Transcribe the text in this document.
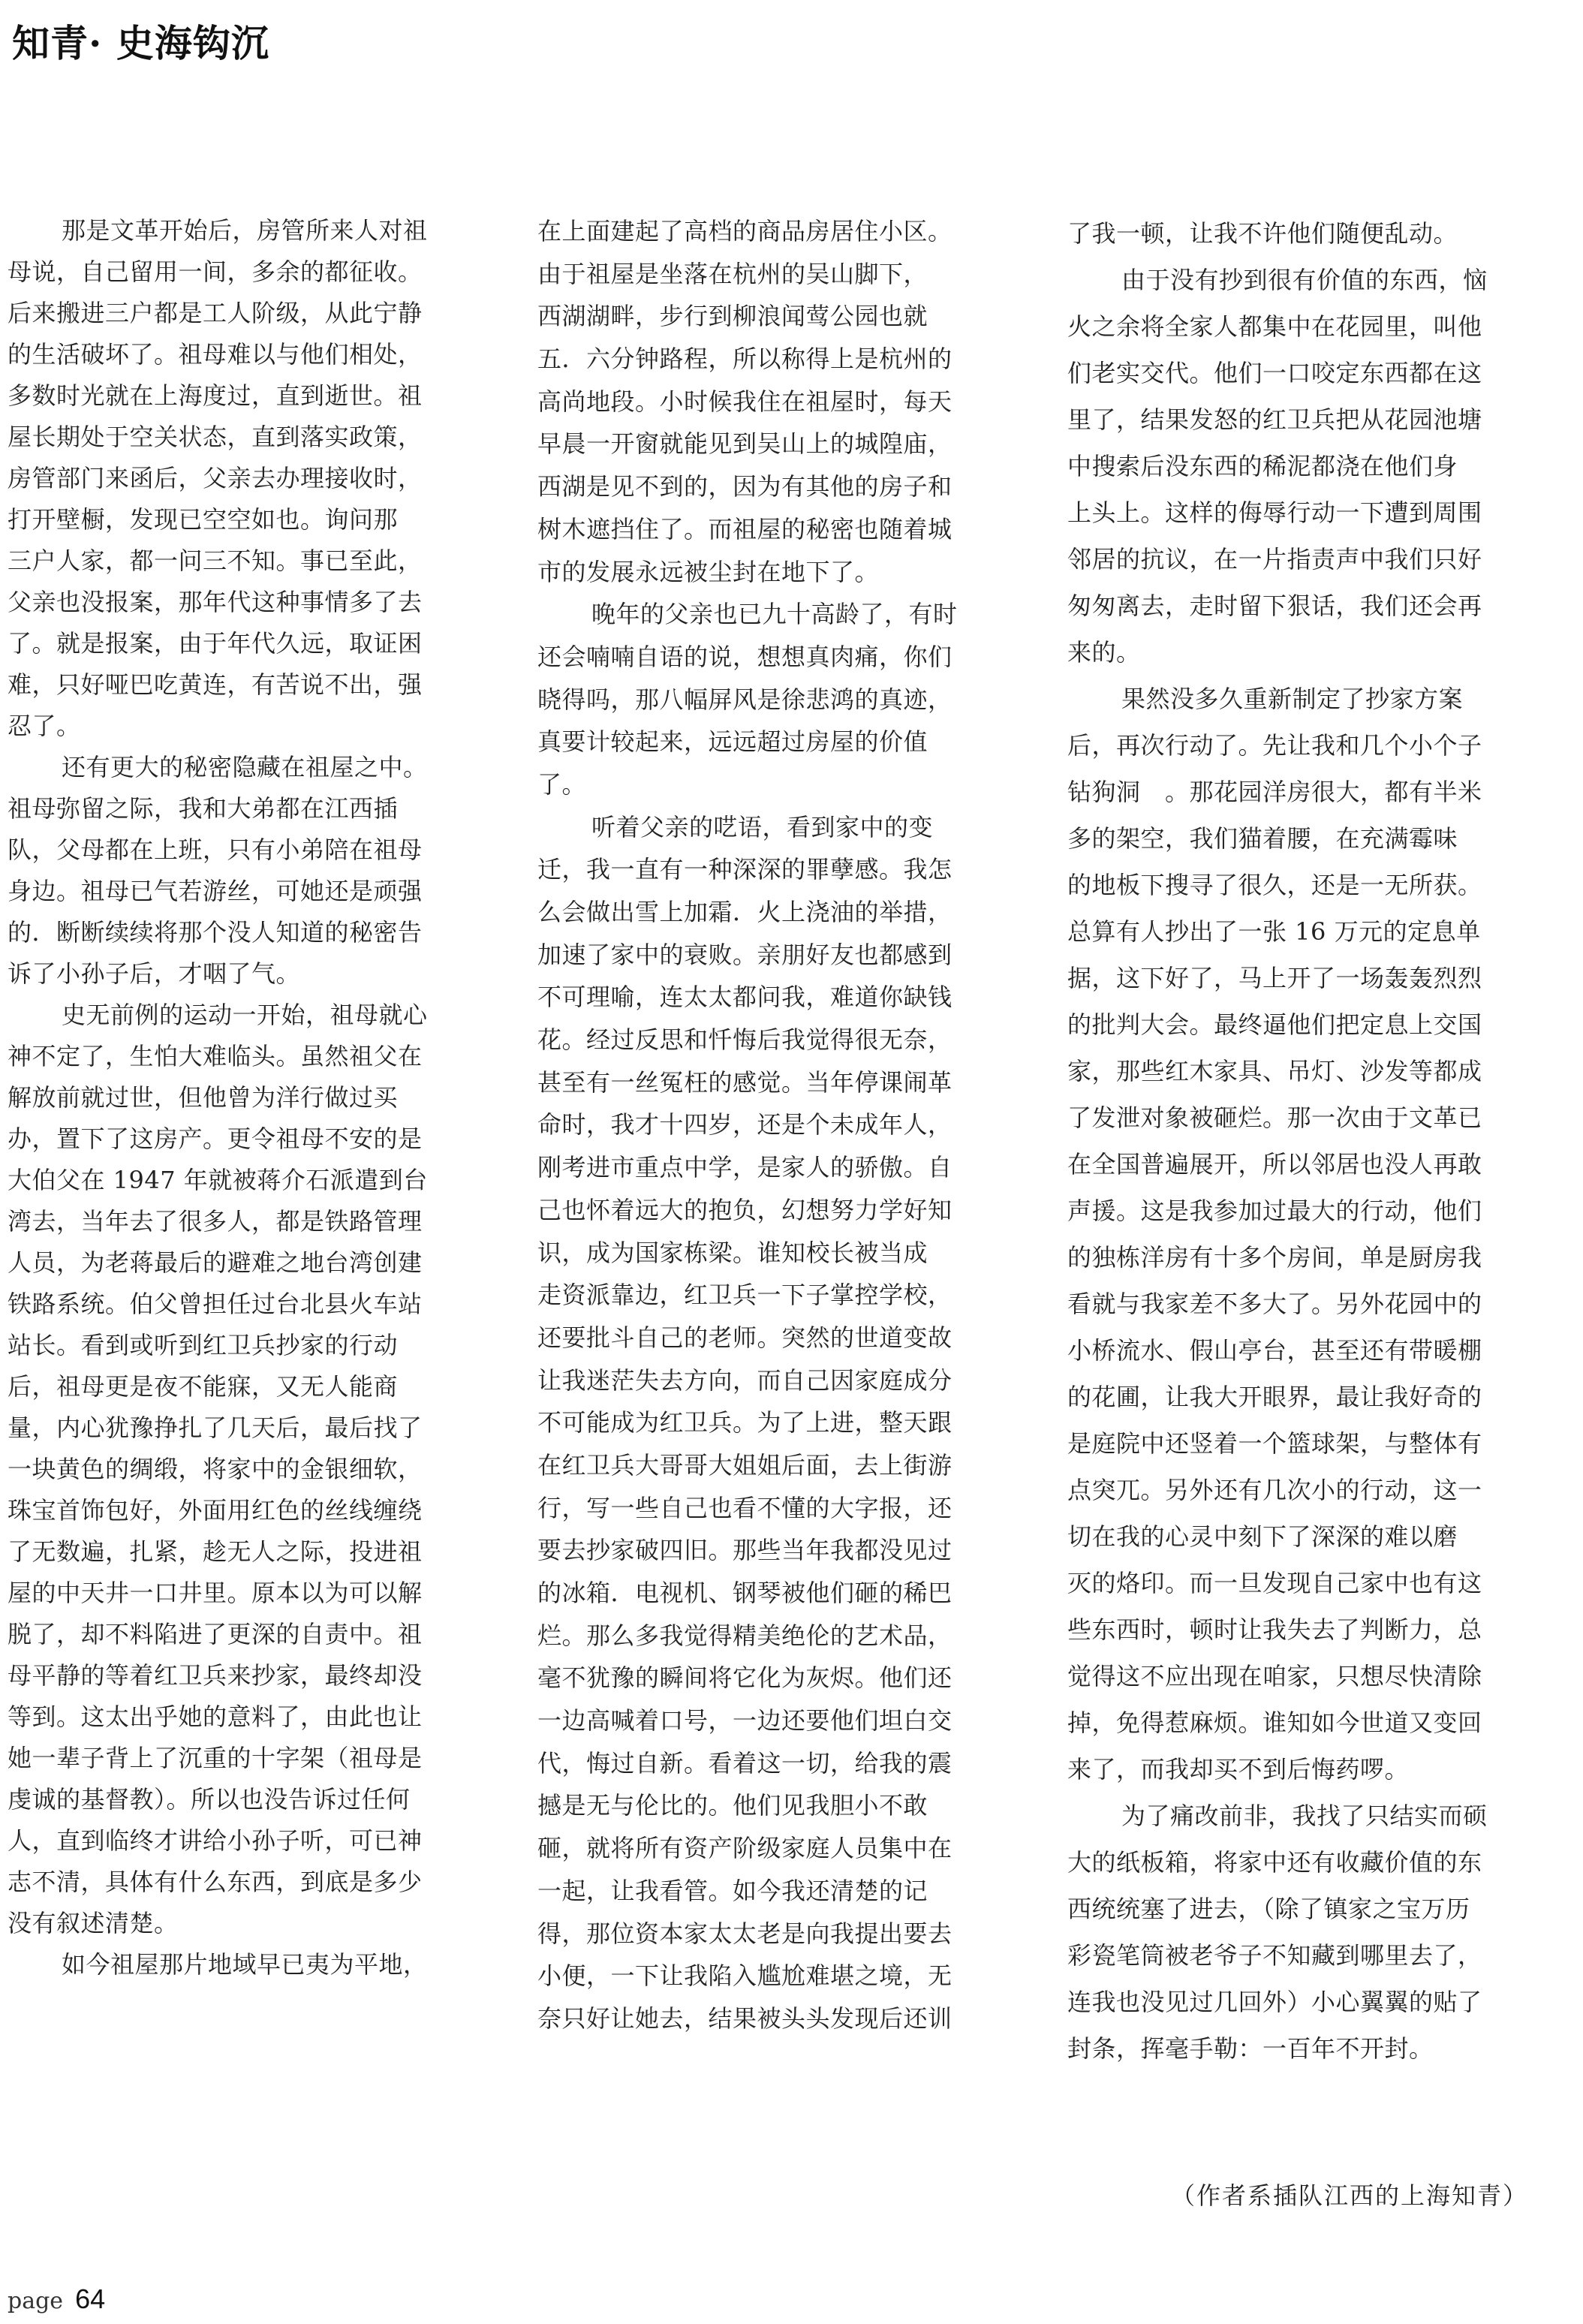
知青· 史海钩沉
那是文革开始后，房管所来人对祖
母说，自己留用一间，多余的都征收。
后来搬进三户都是工人阶级，从此宁静
的生活破坏了。祖母难以与他们相处，
多数时光就在上海度过，直到逝世。祖
屋长期处于空关状态，直到落实政策，
房管部门来函后，父亲去办理接收时，
打开壁橱，发现已空空如也。询问那
三户人家，都一问三不知。事已至此，
父亲也没报案，那年代这种事情多了去
了。就是报案，由于年代久远，取证困
难，只好哑巴吃黄连，有苦说不出，强
忍了。
还有更大的秘密隐藏在祖屋之中。
祖母弥留之际，我和大弟都在江西插
队，父母都在上班，只有小弟陪在祖母
身边。祖母已气若游丝，可她还是顽强
的．断断续续将那个没人知道的秘密告
诉了小孙子后，才咽了气。
史无前例的运动一开始，祖母就心
神不定了，生怕大难临头。虽然祖父在
解放前就过世，但他曾为洋行做过买
办，置下了这房产。更令祖母不安的是
大伯父在 1947 年就被蒋介石派遣到台
湾去，当年去了很多人，都是铁路管理
人员，为老蒋最后的避难之地台湾创建
铁路系统。伯父曾担任过台北县火车站
站长。看到或听到红卫兵抄家的行动
后，祖母更是夜不能寐，又无人能商
量，内心犹豫挣扎了几天后，最后找了
一块黄色的绸缎，将家中的金银细软，
珠宝首饰包好，外面用红色的丝线缠绕
了无数遍，扎紧，趁无人之际，投进祖
屋的中天井一口井里。原本以为可以解
脱了，却不料陷进了更深的自责中。祖
母平静的等着红卫兵来抄家，最终却没
等到。这太出乎她的意料了，由此也让
她一辈子背上了沉重的十字架（祖母是
虔诚的基督教）。所以也没告诉过任何
人，直到临终才讲给小孙子听，可已神
志不清，具体有什么东西，到底是多少
没有叙述清楚。
如今祖屋那片地域早已夷为平地，
在上面建起了高档的商品房居住小区。
由于祖屋是坐落在杭州的吴山脚下，
西湖湖畔，步行到柳浪闻莺公园也就
五．六分钟路程，所以称得上是杭州的
高尚地段。小时候我住在祖屋时，每天
早晨一开窗就能见到吴山上的城隍庙，
西湖是见不到的，因为有其他的房子和
树木遮挡住了。而祖屋的秘密也随着城
市的发展永远被尘封在地下了。
晚年的父亲也已九十高龄了，有时
还会喃喃自语的说，想想真肉痛，你们
晓得吗，那八幅屏风是徐悲鸿的真迹，
真要计较起来，远远超过房屋的价值
了。
听着父亲的呓语，看到家中的变
迁，我一直有一种深深的罪孽感。我怎
么会做出雪上加霜．火上浇油的举措，
加速了家中的衰败。亲朋好友也都感到
不可理喻，连太太都问我，难道你缺钱
花。经过反思和忏悔后我觉得很无奈，
甚至有一丝冤枉的感觉。当年停课闹革
命时，我才十四岁，还是个未成年人，
刚考进市重点中学，是家人的骄傲。自
己也怀着远大的抱负，幻想努力学好知
识，成为国家栋梁。谁知校长被当成
走资派靠边，红卫兵一下子掌控学校，
还要批斗自己的老师。突然的世道变故
让我迷茫失去方向，而自己因家庭成分
不可能成为红卫兵。为了上进，整天跟
在红卫兵大哥哥大姐姐后面，去上街游
行，写一些自己也看不懂的大字报，还
要去抄家破四旧。那些当年我都没见过
的冰箱．电视机、钢琴被他们砸的稀巴
烂。那么多我觉得精美绝伦的艺术品，
毫不犹豫的瞬间将它化为灰烬。他们还
一边高喊着口号，一边还要他们坦白交
代，悔过自新。看着这一切，给我的震
撼是无与伦比的。他们见我胆小不敢
砸，就将所有资产阶级家庭人员集中在
一起，让我看管。如今我还清楚的记
得，那位资本家太太老是向我提出要去
小便，一下让我陷入尴尬难堪之境，无
奈只好让她去，结果被头头发现后还训
了我一顿，让我不许他们随便乱动。
由于没有抄到很有价值的东西，恼
火之余将全家人都集中在花园里，叫他
们老实交代。他们一口咬定东西都在这
里了，结果发怒的红卫兵把从花园池塘
中搜索后没东西的稀泥都浇在他们身
上头上。这样的侮辱行动一下遭到周围
邻居的抗议，在一片指责声中我们只好
匆匆离去，走时留下狠话，我们还会再
来的。
果然没多久重新制定了抄家方案
后，再次行动了。先让我和几个小个子
钻狗洞　。那花园洋房很大，都有半米
多的架空，我们猫着腰，在充满霉味
的地板下搜寻了很久，还是一无所获。
总算有人抄出了一张 16 万元的定息单
据，这下好了，马上开了一场轰轰烈烈
的批判大会。最终逼他们把定息上交国
家，那些红木家具、吊灯、沙发等都成
了发泄对象被砸烂。那一次由于文革已
在全国普遍展开，所以邻居也没人再敢
声援。这是我参加过最大的行动，他们
的独栋洋房有十多个房间，单是厨房我
看就与我家差不多大了。另外花园中的
小桥流水、假山亭台，甚至还有带暖棚
的花圃，让我大开眼界，最让我好奇的
是庭院中还竖着一个篮球架，与整体有
点突兀。另外还有几次小的行动，这一
切在我的心灵中刻下了深深的难以磨
灭的烙印。而一旦发现自己家中也有这
些东西时，顿时让我失去了判断力，总
觉得这不应出现在咱家，只想尽快清除
掉，免得惹麻烦。谁知如今世道又变回
来了，而我却买不到后悔药啰。
为了痛改前非，我找了只结实而硕
大的纸板箱，将家中还有收藏价值的东
西统统塞了进去，（除了镇家之宝万历
彩瓷笔筒被老爷子不知藏到哪里去了，
连我也没见过几回外）小心翼翼的贴了
封条，挥毫手勒：一百年不开封。
（作者系插队江西的上海知青）
page 64
